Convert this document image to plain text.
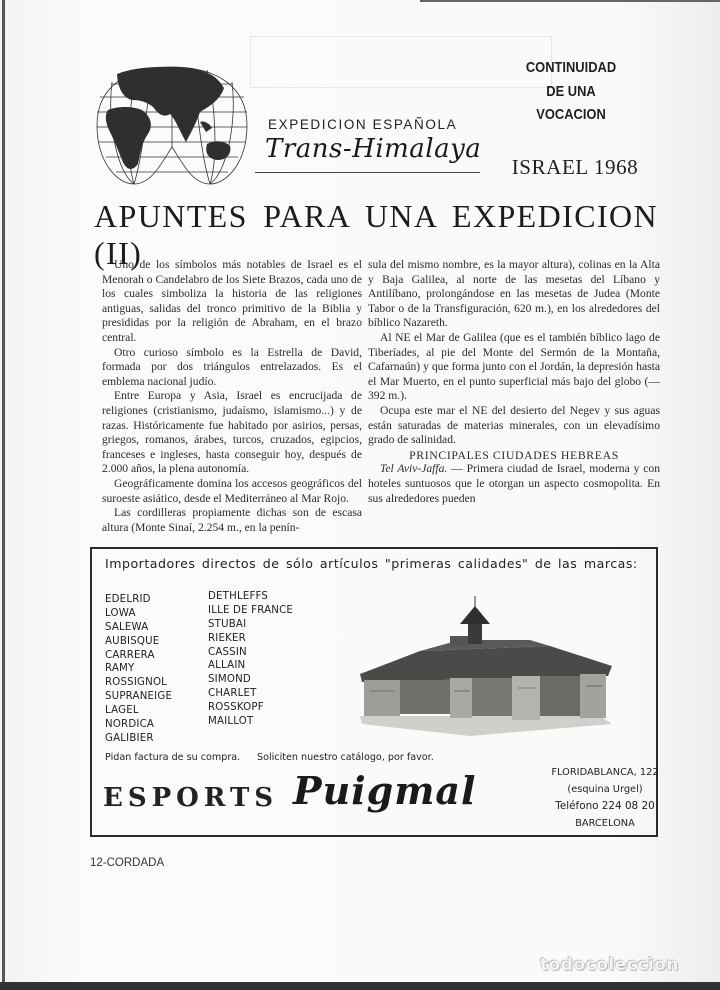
EXPEDICION ESPAÑOLA
Trans-Himalaya
CONTINUIDAD
DE UNA
VOCACION
ISRAEL 1968
APUNTES PARA UNA EXPEDICION (II)

Uno de los símbolos más notables de Israel es el Menorah o Candelabro de los Siete Brazos, cada uno de los cuales simboliza la historia de las religiones antiguas, salidas del tronco primitivo de la Biblia y presididas por la religión de Abraham, en el brazo central.

Otro curioso símbolo es la Estrella de David, formada por dos triángulos entrelazados. Es el emblema nacional judío.

Entre Europa y Asia, Israel es encrucijada de religiones (cristianismo, judaísmo, islamismo...) y de razas. Históricamente fue habitado por asirios, persas, griegos, romanos, árabes, turcos, cruzados, egipcios, franceses e ingleses, hasta conseguir hoy, después de 2.000 años, la plena autonomía.

Geográficamente domina los accesos geográficos del suroeste asiático, desde el Mediterráneo al Mar Rojo.

Las cordilleras propiamente dichas son de escasa altura (Monte Sinaí, 2.254 m., en la penín-

sula del mismo nombre, es la mayor altura), colinas en la Alta y Baja Galilea, al norte de las mesetas del Líbano y Antilíbano, prolongándose en las mesetas de Judea (Monte Tabor o de la Transfiguración, 620 m.), en los alrededores del bíblico Nazareth.

Al NE el Mar de Galilea (que es el también bíblico lago de Tiberíades, al pie del Monte del Sermón de la Montaña, Cafarnaún) y que forma junto con el Jordán, la depresión hasta el Mar Muerto, en el punto superficial más bajo del globo (—392 m.).

Ocupa este mar el NE del desierto del Negev y sus aguas están saturadas de materias minerales, con un elevadísimo grado de salinidad.

PRINCIPALES CIUDADES HEBREAS

Tel Aviv-Jaffa. — Primera ciudad de Israel, moderna y con hoteles suntuosos que le otorgan un aspecto cosmopolita. En sus alrededores pueden

Importadores directos de sólo artículos "primeras calidades" de las marcas:
EDELRID
LOWA
SALEWA
AUBISQUE
CARRERA
RAMY
ROSSIGNOL
SUPRANEIGE
LAGEL
NORDICA
GALIBIER
DETHLEFFS
ILLE DE FRANCE
STUBAI
RIEKER
CASSIN
ALLAIN
SIMOND
CHARLET
ROSSKOPF
MAILLOT
Pidan factura de su compra. Soliciten nuestro catálogo, por favor.
ESPORTS Puigmal	FLORIDABLANCA, 122
(esquina Urgel)
Teléfono 224 08 20
BARCELONA
12-CORDADA
todocoleccion
